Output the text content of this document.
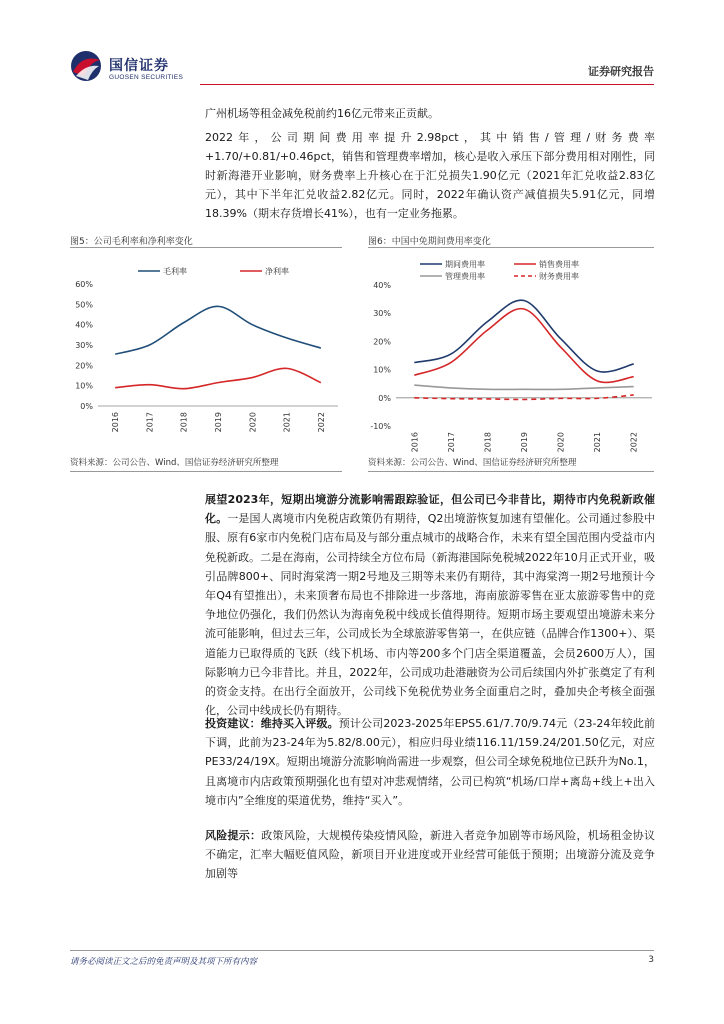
国信证券
GUOSEN SECURITIES	证券研究报告
广州机场等租金减免税前约16亿元带来正贡献。
2022年，公司期间费用率提升2.98pct，其中销售/管理/财务费率+1.70/+0.81/+0.46pct，销售和管理费率增加，核心是收入承压下部分费用相对刚性，同时新海港开业影响，财务费率上升核心在于汇兑损失1.90亿元（2021年汇兑收益2.83亿元），其中下半年汇兑收益2.82亿元。同时，2022年确认资产减值损失5.91亿元，同增18.39%（期末存货增长41%），也有一定业务拖累。
图5：公司毛利率和净利率变化
0%
10%
20%
30%
40%
50%
60%
2016	2017	2018	2019	2020	2021	2022
毛利率	净利率
资料来源：公司公告、Wind、国信证券经济研究所整理
图6：中国中免期间费用率变化
-10%
0%
10%
20%
30%
40%
2016	2017	2018	2019	2020	2021	2022
期间费用率	销售费用率
管理费用率	财务费用率
资料来源：公司公告、Wind、国信证券经济研究所整理
展望2023年，短期出境游分流影响需跟踪验证，但公司已今非昔比，期待市内免税新政催化。一是国人离境市内免税店政策仍有期待，Q2出境游恢复加速有望催化。公司通过参股中服、原有6家市内免税门店布局及与部分重点城市的战略合作，未来有望全国范围内受益市内免税新政。二是在海南，公司持续全方位布局（新海港国际免税城2022年10月正式开业，吸引品牌800+、同时海棠湾一期2号地及三期等未来仍有期待，其中海棠湾一期2号地预计今年Q4有望推出），未来顶奢布局也不排除进一步落地，海南旅游零售在亚太旅游零售中的竞争地位仍强化，我们仍然认为海南免税中线成长值得期待。短期市场主要观望出境游未来分流可能影响，但过去三年，公司成长为全球旅游零售第一，在供应链（品牌合作1300+）、渠道能力已取得质的飞跃（线下机场、市内等200多个门店全渠道覆盖，会员2600万人），国际影响力已今非昔比。并且，2022年，公司成功赴港融资为公司后续国内外扩张奠定了有利的资金支持。在出行全面放开，公司线下免税优势业务全面重启之时，叠加央企考核全面强化，公司中线成长仍有期待。
投资建议：维持买入评级。预计公司2023-2025年EPS5.61/7.70/9.74元（23-24年较此前下调，此前为23-24年为5.82/8.00元），相应归母业绩116.11/159.24/201.50亿元，对应PE33/24/19X。短期出境游分流影响尚需进一步观察，但公司全球免税地位已跃升为No.1，且离境市内店政策预期强化也有望对冲悲观情绪，公司已构筑“机场/口岸+离岛+线上+出入境市内”全维度的渠道优势，维持“买入”。
风险提示：政策风险，大规模传染疫情风险，新进入者竞争加剧等市场风险，机场租金协议不确定，汇率大幅贬值风险，新项目开业进度或开业经营可能低于预期；出境游分流及竞争加剧等
请务必阅读正文之后的免责声明及其项下所有内容	3
